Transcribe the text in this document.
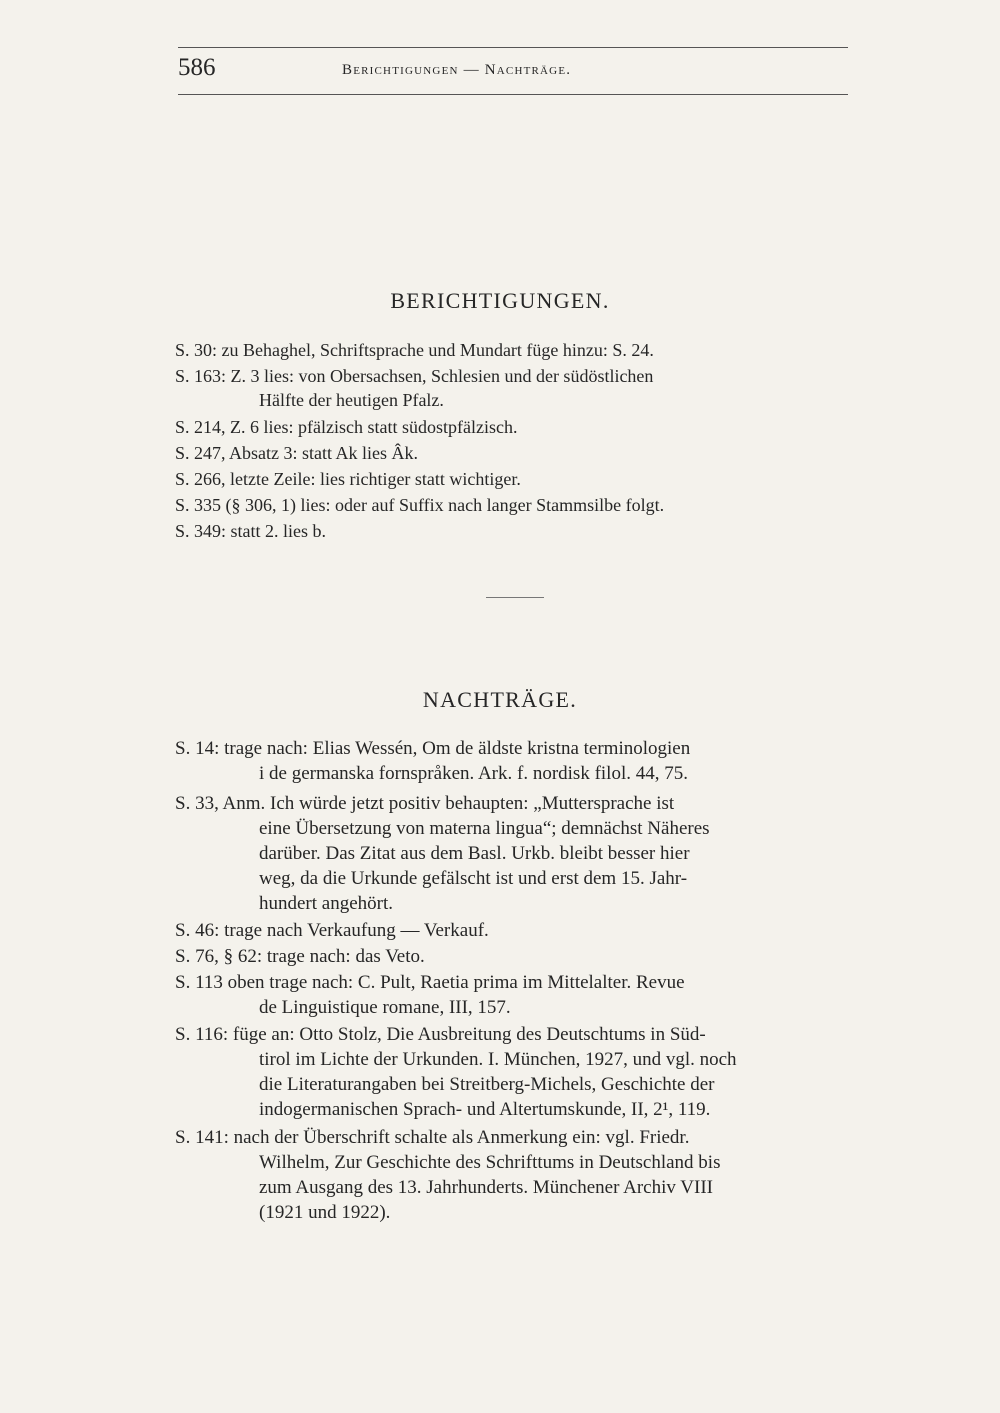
586	Berichtigungen — Nachträge.
BERICHTIGUNGEN.
S. 30: zu Behaghel, Schriftsprache und Mundart füge hinzu: S. 24.
S. 163: Z. 3 lies: von Obersachsen, Schlesien und der südöstlichen
Hälfte der heutigen Pfalz.
S. 214, Z. 6 lies: pfälzisch statt südostpfälzisch.
S. 247, Absatz 3: statt Ak lies Âk.
S. 266, letzte Zeile: lies richtiger statt wichtiger.
S. 335 (§ 306, 1) lies: oder auf Suffix nach langer Stammsilbe folgt.
S. 349: statt 2. lies b.
NACHTRÄGE.
S. 14: trage nach: Elias Wessén, Om de äldste kristna terminologien
i de germanska fornspråken. Ark. f. nordisk filol. 44, 75.
S. 33, Anm. Ich würde jetzt positiv behaupten: „Muttersprache ist
eine Übersetzung von materna lingua“; demnächst Näheres
darüber. Das Zitat aus dem Basl. Urkb. bleibt besser hier
weg, da die Urkunde gefälscht ist und erst dem 15. Jahr-
hundert angehört.
S. 46: trage nach Verkaufung — Verkauf.
S. 76, § 62: trage nach: das Veto.
S. 113 oben trage nach: C. Pult, Raetia prima im Mittelalter. Revue
de Linguistique romane, III, 157.
S. 116: füge an: Otto Stolz, Die Ausbreitung des Deutschtums in Süd-
tirol im Lichte der Urkunden. I. München, 1927, und vgl. noch
die Literaturangaben bei Streitberg-Michels, Geschichte der
indogermanischen Sprach- und Altertumskunde, II, 2¹, 119.
S. 141: nach der Überschrift schalte als Anmerkung ein: vgl. Friedr.
Wilhelm, Zur Geschichte des Schrifttums in Deutschland bis
zum Ausgang des 13. Jahrhunderts. Münchener Archiv VIII
(1921 und 1922).
